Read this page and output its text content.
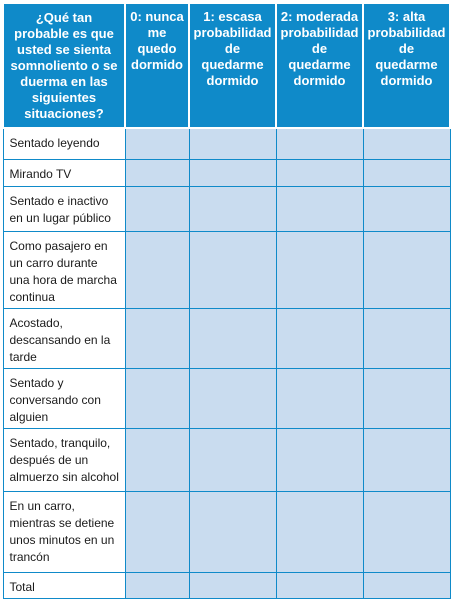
¿Qué tan probable es que usted se sienta somnoliento o se duerma en las siguientes situaciones?	0: nunca me quedo dormido	1: escasa probabilidad de quedarme dormido	2: moderada probabilidad de quedarme dormido	3: alta probabilidad de quedarme dormido
Sentado leyendo				
Mirando TV				
Sentado e inactivo en un lugar público				
Como pasajero en un carro durante una hora de marcha continua				
Acostado, descansando en la tarde				
Sentado y conversando con alguien				
Sentado, tranquilo, después de un almuerzo sin alcohol				
En un carro, mientras se detiene unos minutos en un trancón				
Total				
